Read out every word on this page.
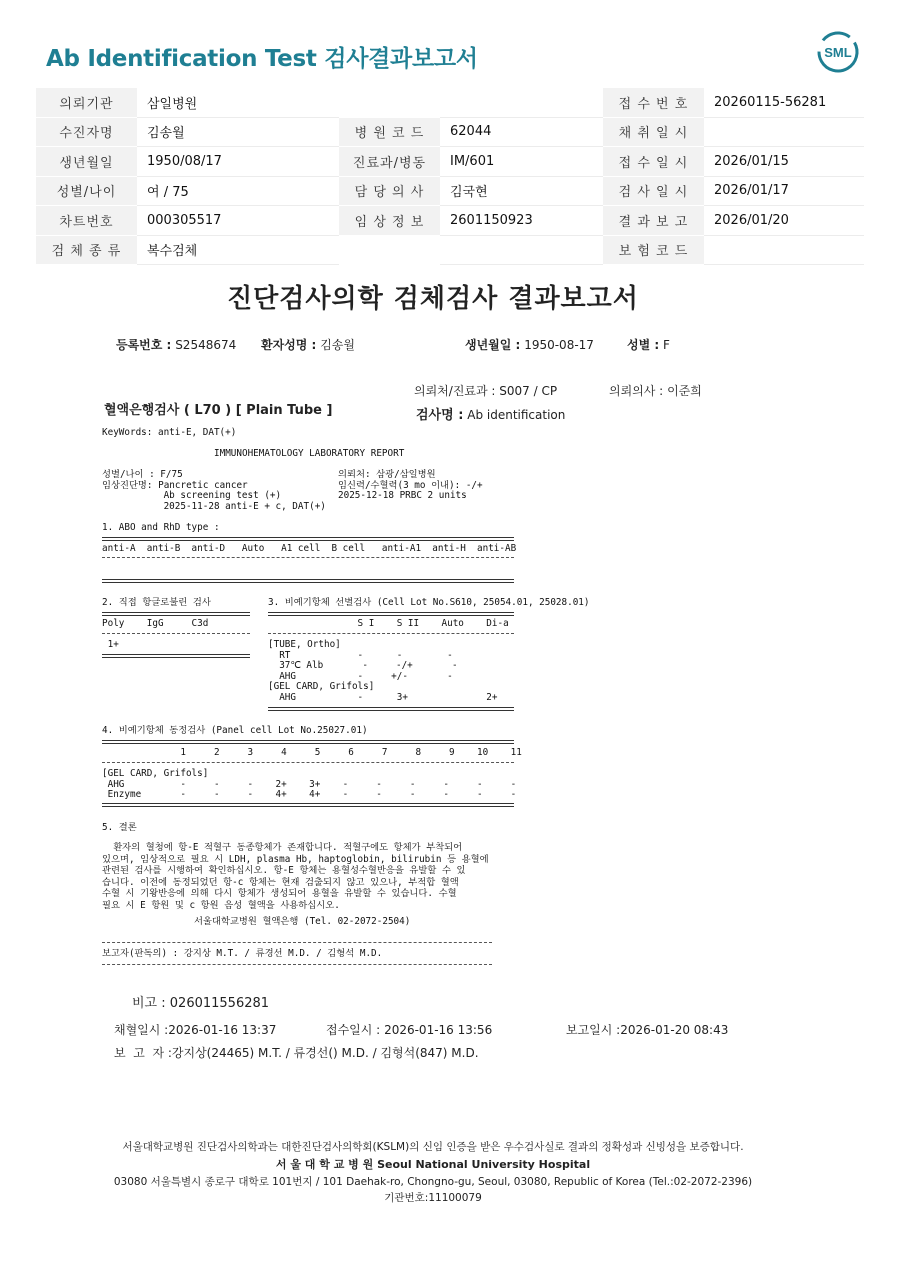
Ab Identification Test 검사결과보고서	SML
의뢰기관	삼일병원			접 수 번 호	20260115-56281
수진자명	김송월	병 원 코 드	62044	채 취 일 시	
생년월일	1950/08/17	진료과/병동	IM/601	접 수 일 시	2026/01/15
성별/나이	여 / 75	담 당 의 사	김국현	검 사 일 시	2026/01/17
차트번호	000305517	임 상 정 보	2601150923	결 과 보 고	2026/01/20
검 체 종 류	복수검체			보 험 코 드	
진단검사의학 검체검사 결과보고서
등록번호 : S2548674 환자성명 : 김송월	생년월일 : 1950-08-17	성별 : F
의뢰처/진료과 : S007 / CP	의뢰의사 : 이준희
혈액은행검사 ( L70 ) [ Plain Tube ]	검사명 : Ab identification
KeyWords: anti-E, DAT(+)
IMMUNOHEMATOLOGY LABORATORY REPORT
성별/나이 : F/75
임상진단명: Pancretic cancer
Ab screening test (+)
2025-11-28 anti-E + c, DAT(+)
의뢰처: 삼광/삼일병원
임신력/수혈력(3 mo 이내): -/+
2025-12-18 PRBC 2 units
1. ABO and RhD type :
anti-A  anti-B  anti-D   Auto   A1 cell  B cell   anti-A1  anti-H  anti-AB
2. 직접 항글로불린 검사
Poly    IgG     C3d
1+
3. 비예기항체 선별검사 (Cell Lot No.S610, 25054.01, 25028.01)
S I    S II    Auto    Di-a
[TUBE, Ortho]
RT            -      -        -
37℃ Alb       -     -/+       -
AHG           -     +/-       -
[GEL CARD, Grifols]
AHG           -      3+              2+
4. 비예기항체 동정검사 (Panel cell Lot No.25027.01)
1     2     3     4     5     6     7     8     9    10    11
[GEL CARD, Grifols]
AHG          -     -     -    2+    3+    -     -     -     -     -     -
Enzyme       -     -     -    4+    4+    -     -     -     -     -     -
5. 결론
환자의 혈청에 항-E 적혈구 동종항체가 존재합니다. 적혈구에도 항체가 부착되어
있으며, 임상적으로 필요 시 LDH, plasma Hb, haptoglobin, bilirubin 등 용혈에
관련된 검사를 시행하여 확인하십시오. 항-E 항체는 용혈성수혈반응을 유발할 수 있
습니다. 이전에 동정되었던 항-c 항체는 현재 검출되지 않고 있으나, 부적합 혈액
수혈 시 기왕반응에 의해 다시 항체가 생성되어 용혈을 유발할 수 있습니다. 수혈
필요 시 E 항원 및 c 항원 음성 혈액을 사용하십시오.
서울대학교병원 혈액은행 (Tel. 02-2072-2504)
보고자(판독의) : 강지상 M.T. / 류경선 M.D. / 김형석 M.D.
비고 : 026011556281
채혈일시 :2026-01-16 13:37	접수일시 : 2026-01-16 13:56	보고일시 :2026-01-20 08:43
보  고  자 :강지상(24465) M.T. / 류경선() M.D. / 김형석(847) M.D.
서울대학교병원 진단검사의학과는 대한진단검사의학회(KSLM)의 신임 인증을 받은 우수검사실로 결과의 정확성과 신빙성을 보증합니다.
서 울 대 학 교 병 원 Seoul National University Hospital
03080 서울특별시 종로구 대학로 101번지 / 101 Daehak-ro, Chongno-gu, Seoul, 03080, Republic of Korea (Tel.:02-2072-2396)
기관번호:11100079
